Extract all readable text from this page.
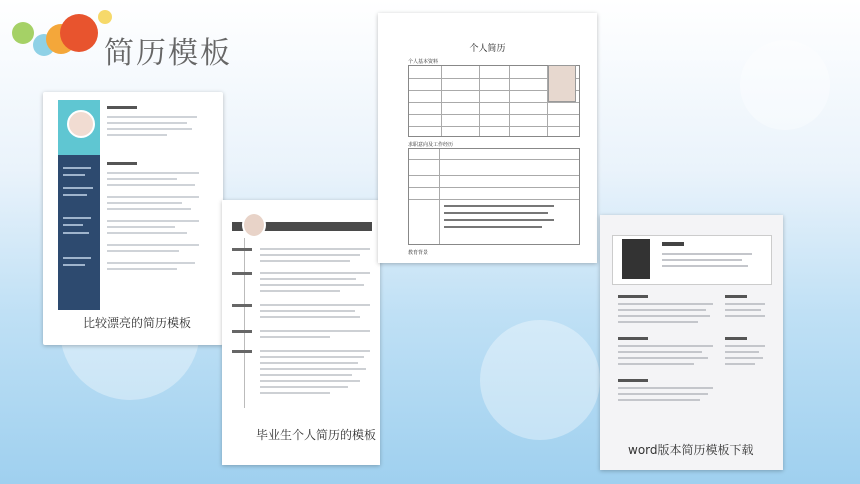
简历模板
比较漂亮的简历模板
毕业生个人简历的模板
个人简历
个人基本资料
求职意向及工作经历
教育背景
word版本简历模板下载
